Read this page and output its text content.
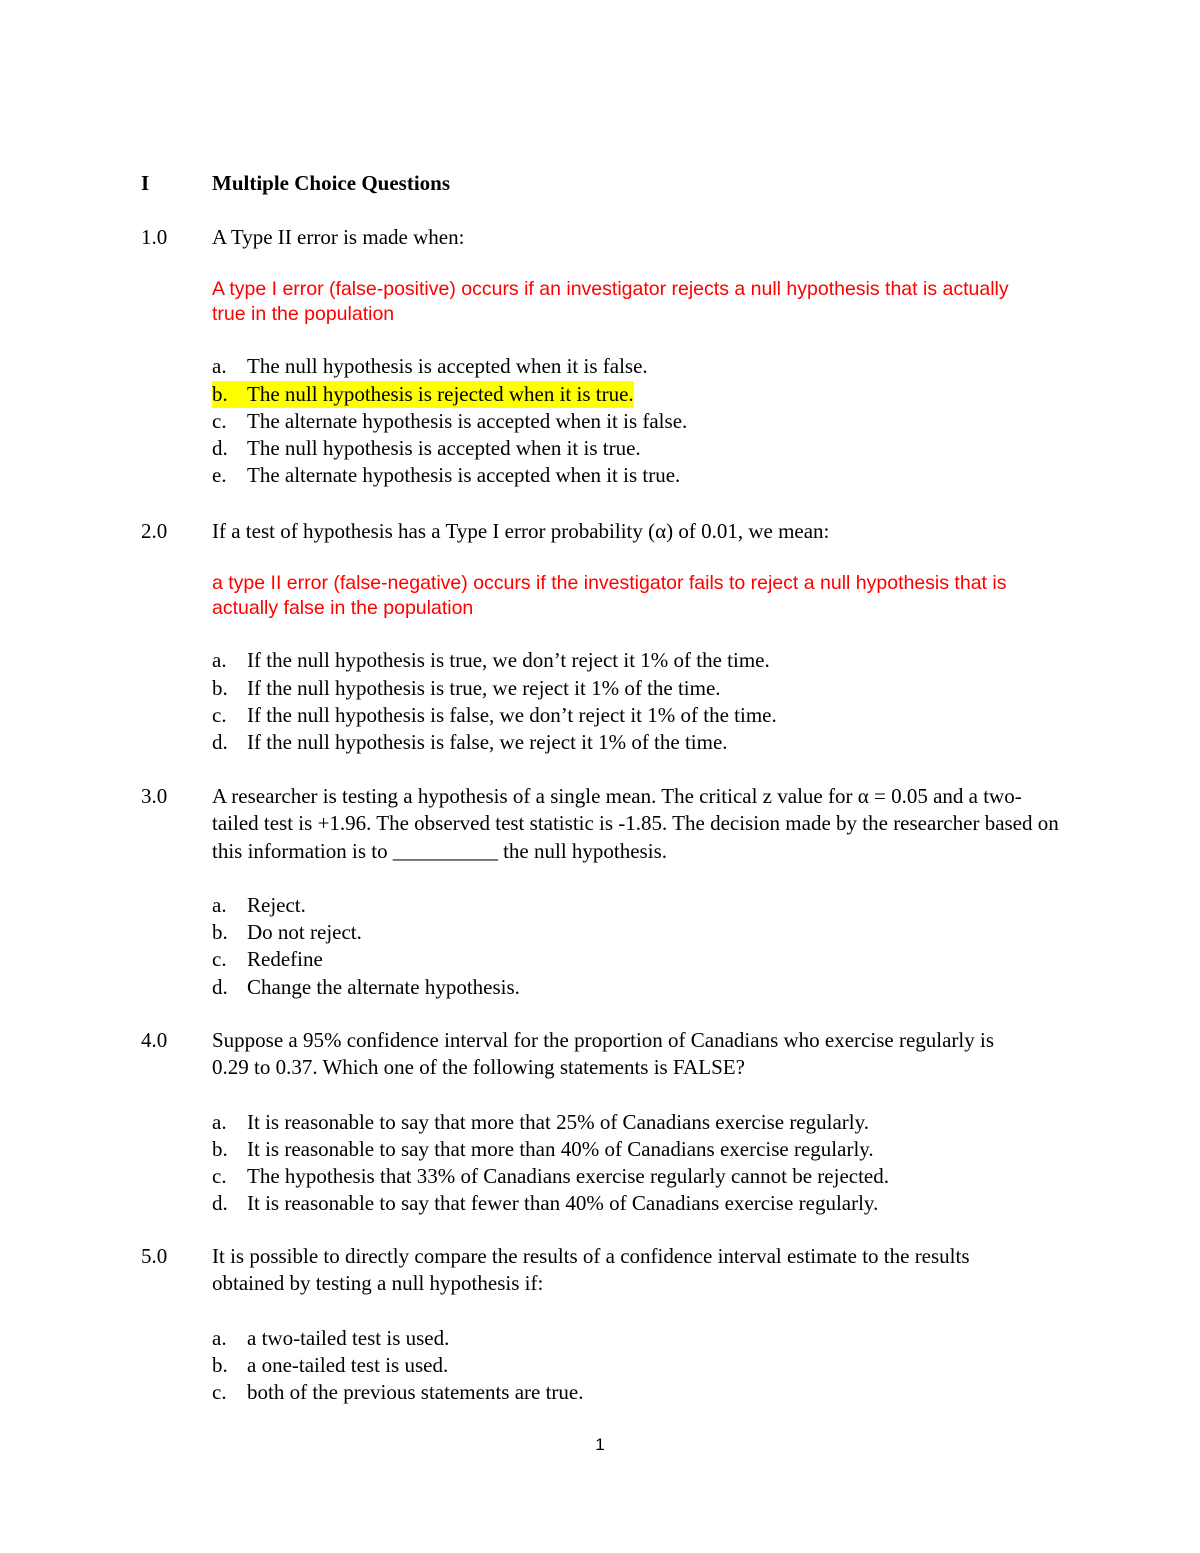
I	Multiple Choice Questions
1.0	A Type II error is made when:
A type I error (false-positive) occurs if an investigator rejects a null hypothesis that is actually true in the population
a. The null hypothesis is accepted when it is false.
b. The null hypothesis is rejected when it is true.
c. The alternate hypothesis is accepted when it is false.
d. The null hypothesis is accepted when it is true.
e. The alternate hypothesis is accepted when it is true.
2.0	If a test of hypothesis has a Type I error probability (α) of 0.01, we mean:
a type II error (false-negative) occurs if the investigator fails to reject a null hypothesis that is actually false in the population
a. If the null hypothesis is true, we don’t reject it 1% of the time.
b. If the null hypothesis is true, we reject it 1% of the time.
c. If the null hypothesis is false, we don’t reject it 1% of the time.
d. If the null hypothesis is false, we reject it 1% of the time.
3.0	A researcher is testing a hypothesis of a single mean. The critical z value for α = 0.05 and a two-tailed test is +1.96. The observed test statistic is -1.85. The decision made by the researcher based on this information is to __________ the null hypothesis.
a. Reject.
b. Do not reject.
c. Redefine
d. Change the alternate hypothesis.
4.0	Suppose a 95% confidence interval for the proportion of Canadians who exercise regularly is 0.29 to 0.37. Which one of the following statements is FALSE?
a. It is reasonable to say that more that 25% of Canadians exercise regularly.
b. It is reasonable to say that more than 40% of Canadians exercise regularly.
c. The hypothesis that 33% of Canadians exercise regularly cannot be rejected.
d. It is reasonable to say that fewer than 40% of Canadians exercise regularly.
5.0	It is possible to directly compare the results of a confidence interval estimate to the results obtained by testing a null hypothesis if:
a. a two-tailed test is used.
b. a one-tailed test is used.
c. both of the previous statements are true.
1
